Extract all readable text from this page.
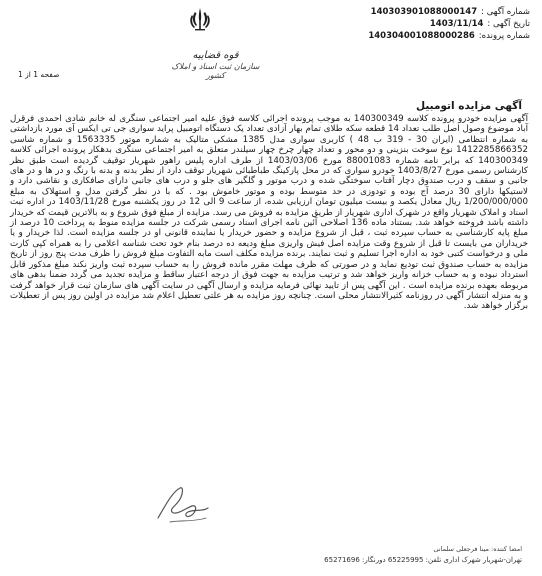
قوه قضاییه
سازمان ثبت اسناد و املاک کشور
شماره آگهی :
140303901088000147
تاریخ آگهی :
1403/11/14
شماره پرونده:
140304001088000286
صفحه 1 از 1
آگهی مزایده اتومبیل

آگهی مزایده خودرو پرونده کلاسه 140300349 به موجب پرونده اجرائی کلاسه فوق علیه امیر اجتماعی سنگری له خانم شادی احمدی فرقرل آباد موضوع وصول اصل طلب تعداد 14 قطعه سکه طلای تمام بهار آزادی تعداد یک دستگاه اتومبیل پراید سواری جی تی ایکس آی مورد بازداشتی به شماره انتظامی (ایران 30 - 319 ب 48 ) کاربری سواری مدل 1385 مشکی متالیک به شماره موتور 1563335 و شماره شاسی 1412285866352 نوع سوخت بنزینی و دو محور و تعداد چهار چرخ چهار سیلندر متعلق به امیر اجتماعی سنگری بدهکار پرونده اجرائی کلاسه 140300349 که برابر نامه شماره 88001083 مورخ 1403/03/06 از طرف اداره پلیس راهور شهریار توقیف گردیده است طبق نظر کارشناس رسمی مورخ 1403/8/27 خودرو سواری که در محل پارکینگ طباطبائی شهریار توقف دارد از نظر بدنه و بدنه با رنگ و در ها و در های جانبی و سقف و درب صندوق دچار آفتاب سوختگی شده و درب موتور و گلگیر های جلو و درب های جانبی دارای صافکاری و نقاشی دارد و لاستیکها دارای 30 درصد آج بوده و تودوزی در حد متوسط بوده و موتور خاموش بود . که با در نظر گرفتن مدل و استهلاک به مبلغ 1/200/000/000 ریال معادل یکصد و بیست میلیون تومان ارزیابی شده، از ساعت 9 الی 12 در روز یکشنبه مورخ 1403/11/28 در اداره ثبت اسناد و املاک شهریار واقع در شهرک اداری شهریار از طریق مزایده به فروش می رسد. مزایده از مبلغ فوق شروع و به بالاترین قیمت که خریدار داشته باشد فروخته خواهد شد. بستناد ماده 136 اصلاحی آئین نامه اجرای اسناد رسمی شرکت در جلسه مزایده منوط به پرداخت 10 درصد از مبلغ پایه کارشناسی به حساب سپرده ثبت ، قبل از شروع مزایده و حضور خریدار یا نماینده قانونی او در جلسه مزایده است. لذا خریدار و یا خریداران می بایست تا قبل از شروع وقت مزایده اصل فیش واریزی مبلغ ودیعه ده درصد بنام خود تحت شناسه اعلامی را به همراه کپی کارت ملی و درخواست کتبی خود به اداره اجرا تسلیم و ثبت نمایند. برنده مزایده مکلف است مابه التفاوت مبلغ فروش را ظرف مدت پنج روز از تاریخ مزایده به حساب صندوق ثبت تودیع نماید و در صورتی که ظرف مهلت مقرر مانده فروش را به حساب سپرده ثبت واریز نکند مبلغ مذکور قابل استرداد نبوده و به حساب خزانه واریز خواهد شد و ترتیب مزایده به جهت فوق از درجه اعتبار ساقط و مزایده تجدید می گردد ضمنا بدهی های مربوطه بعهده برنده مزایده است . این آگهی پس از تایید نهائی فرمایه مزایده و ارسال آگهی در سایت آگهی های سازمان ثبت قرار خواهد گرفت و به منزله انتشار آگهی در روزنامه کثیرالانتشار محلی است. چنانچه روز مزایده به هر علتی تعطیل اعلام شد مزایده در اولین روز پس از تعطیلات برگزار خواهد شد.

امضا کننده: مینا فرجعلی سلمانی
تهران-شهریار شهرک اداری تلفن: 65225995 دورنگار: 65271696
